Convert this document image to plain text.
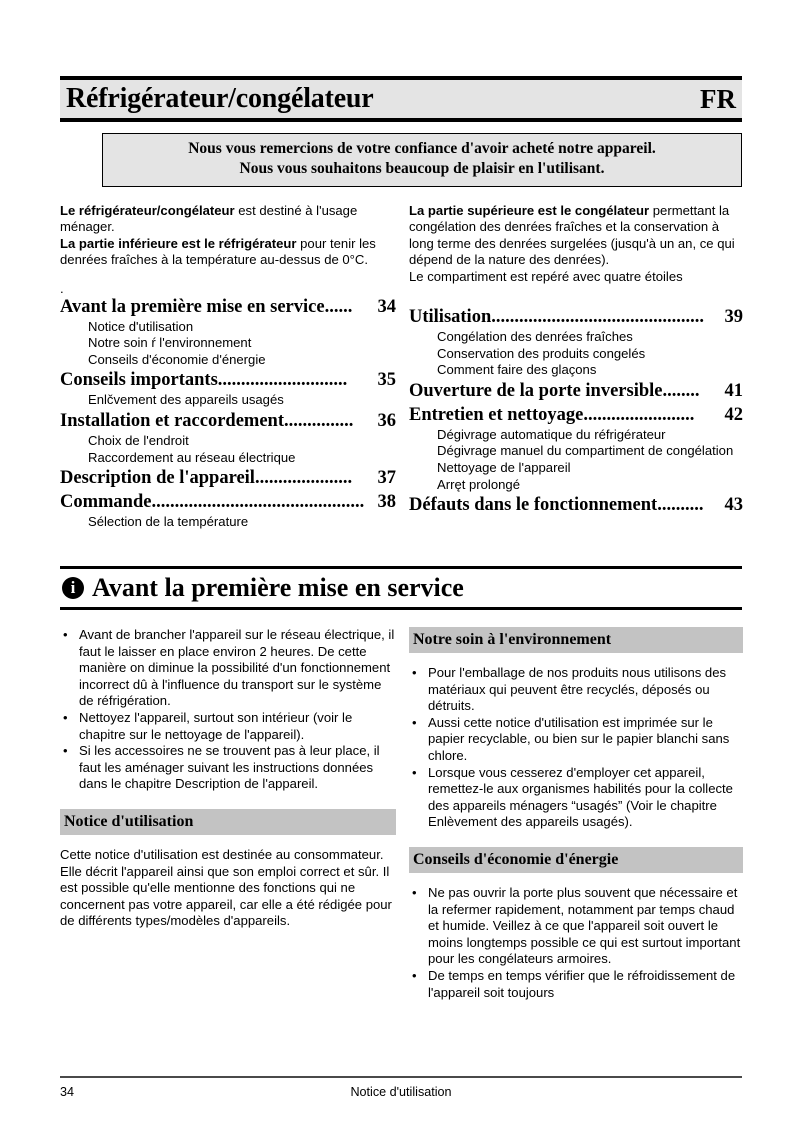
Réfrigérateur/congélateur	FR
Nous vous remercions de votre confiance d'avoir acheté notre appareil.
Nous vous souhaitons beaucoup de plaisir en l'utilisant.

Le réfrigérateur/congélateur est destiné à l'usage ménager.

La partie inférieure est le réfrigérateur pour tenir les denrées fraîches à la température au-dessus de 0°C.

.
Avant la première mise en service ......	34
Notice d'utilisation
Notre soin ŕ l'environnement
Conseils d'économie d'énergie
Conseils importants ............................	35
Enlčvement des appareils usagés
Installation et raccordement ...............	36
Choix de l'endroit
Raccordement au réseau électrique
Description de l'appareil .....................	37
Commande .............................................. 38
Sélection de la température

La partie supérieure est le congélateur permettant la congélation des denrées fraîches et la conservation à long terme des denrées surgelées (jusqu'à un an, ce qui dépend de la nature des denrées).

Le compartiment est repéré avec quatre étoiles

Utilisation ..............................................	39
Congélation des denrées fraîches
Conservation des produits congelés
Comment faire des glaçons
Ouverture de la porte inversible ........	41
Entretien et nettoyage ........................	42
Dégivrage automatique du réfrigérateur
Dégivrage manuel du compartiment de congélation
Nettoyage de l'appareil
Arręt prolongé
Défauts dans le fonctionnement ..........	43
i Avant la première mise en service
• Avant de brancher l'appareil sur le réseau électrique, il faut le laisser en place environ 2 heures. De cette manière on diminue la possibilité d'un fonctionnement incorrect dû à l'influence du transport sur le système de réfrigération.
• Nettoyez l'appareil, surtout son intérieur (voir le chapitre sur le nettoyage de l'appareil).
• Si les accessoires ne se trouvent pas à leur place, il faut les aménager suivant les instructions données dans le chapitre Description de l'appareil.
Notice d'utilisation

Cette notice d'utilisation est destinée au consommateur. Elle décrit l'appareil ainsi que son emploi correct et sûr. Il est possible qu'elle mentionne des fonctions qui ne concernent pas votre appareil, car elle a été rédigée pour de différents types/modèles d'appareils.

Notre soin à l'environnement
• Pour l'emballage de nos produits nous utilisons des matériaux qui peuvent être recyclés, déposés ou détruits.
• Aussi cette notice d'utilisation est imprimée sur le papier recyclable, ou bien sur le papier blanchi sans chlore.
• Lorsque vous cesserez d'employer cet appareil, remettez-le aux organismes habilités pour la collecte des appareils ménagers “usagés” (Voir le chapitre Enlèvement des appareils usagés).
Conseils d'économie d'énergie
• Ne pas ouvrir la porte plus souvent que nécessaire et la refermer rapidement, notamment par temps chaud et humide. Veillez à ce que l'appareil soit ouvert le moins longtemps possible ce qui est surtout important pour les congélateurs armoires.
• De temps en temps vérifier que le réfroidissement de l'appareil soit toujours
34	Notice d'utilisation
